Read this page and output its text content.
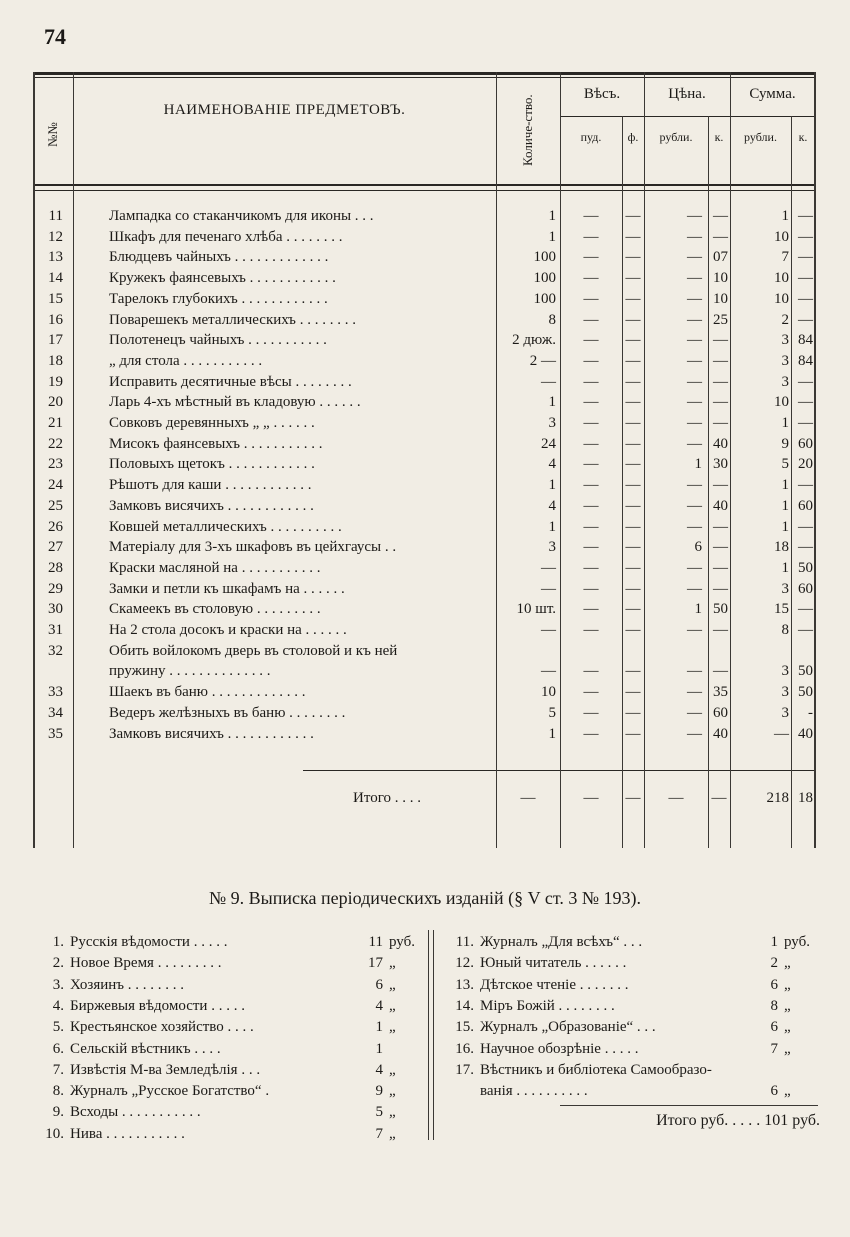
74
№№
НАИМЕНОВАНІЕ ПРЕДМЕТОВЪ.	Количе-ство.
Вѣсъ.	Цѣна.	Сумма.
пуд.	ф.	рубли.	к.	рубли.	к.
11	Лампадка со стаканчикомъ для иконы . . .	1	—	—	— —	1 —
12	Шкафъ для печенаго хлѣба . . . . . . . .	1	—	—	— —	10 —
13	Блюдцевъ чайныхъ . . . . . . . . . . . . .	100	—	—	— 07	7 —
14	Кружекъ фаянсевыхъ . . . . . . . . . . . .	100	—	—	— 10	10 —
15	Тарелокъ глубокихъ . . . . . . . . . . . .	100	—	—	— 10	10 —
16	Поварешекъ металлическихъ . . . . . . . .	8	—	—	— 25	2 —
17	Полотенецъ чайныхъ . . . . . . . . . . .	2 дюж.	—	—	— —	3 84
18	„ для стола . . . . . . . . . . .	2 —	—	—	— —	3 84
19	Исправить десятичные вѣсы . . . . . . . .	—	—	—	— —	3 —
20	Ларь 4-хъ мѣстный въ кладовую . . . . . .	1	—	—	— —	10 —
21	Совковъ деревянныхъ „ „ . . . . . .	3	—	—	— —	1 —
22	Мисокъ фаянсевыхъ . . . . . . . . . . .	24	—	—	— 40	9 60
23	Половыхъ щетокъ . . . . . . . . . . . .	4	—	—	1 30	5 20
24	Рѣшотъ для каши . . . . . . . . . . . .	1	—	—	— —	1 —
25	Замковъ висячихъ . . . . . . . . . . . .	4	—	—	— 40	1 60
26	Ковшей металлическихъ . . . . . . . . . .	1	—	—	— —	1 —
27	Матеріалу для 3-хъ шкафовъ въ цейхгаусы . .	3	—	—	6 —	18 —
28	Краски масляной на . . . . . . . . . . .	—	—	—	— —	1 50
29	Замки и петли къ шкафамъ на . . . . . .	—	—	—	— —	3 60
30	Скамеекъ въ столовую . . . . . . . . .	10 шт.	—	—	1 50	15 —
31	На 2 стола досокъ и краски на . . . . . .	—	—	—	— —	8 —
32	Обить войлокомъ дверь въ столовой и къ ней
пружину . . . . . . . . . . . . . .	—	—	—	— —	3 50
33	Шаекъ въ баню . . . . . . . . . . . . .	10	—	—	— 35	3 50
34	Ведеръ желѣзныхъ въ баню . . . . . . . .	5	—	—	— 60	3	-
35	Замковъ висячихъ . . . . . . . . . . . .	1	—	—	— 40	— 40
Итого . . . .	—	—	—	—	—	218 18
№ 9. Выписка періодическихъ изданій (§ V ст. 3 № 193).
1. Русскія вѣдомости . . . . .	11 руб.
2. Новое Время . . . . . . . . .	17 „
3. Хозяинъ . . . . . . . .	6 „
4. Биржевыя вѣдомости . . . . .	4 „
5. Крестьянское хозяйство . . . .	1 „
6. Сельскій вѣстникъ . . . .	1
7. Извѣстія М-ва Земледѣлія . . .	4 „
8. Журналъ „Русское Богатство“ .	9 „
9. Всходы . . . . . . . . . . .	5 „
10. Нива . . . . . . . . . . .	7 „
11. Журналъ „Для всѣхъ“ . . .	1 руб.
12. Юный читатель . . . . . .	2 „
13. Дѣтское чтеніе . . . . . . .	6 „
14. Міръ Божій . . . . . . . .	8 „
15. Журналъ „Образованіе“ . . .	6 „
16. Научное обозрѣніе . . . . .	7 „
17. Вѣстникъ и библіотека Самообразо-
ванія . . . . . . . . . .	6 „
Итого руб. . . . . 101 руб.
